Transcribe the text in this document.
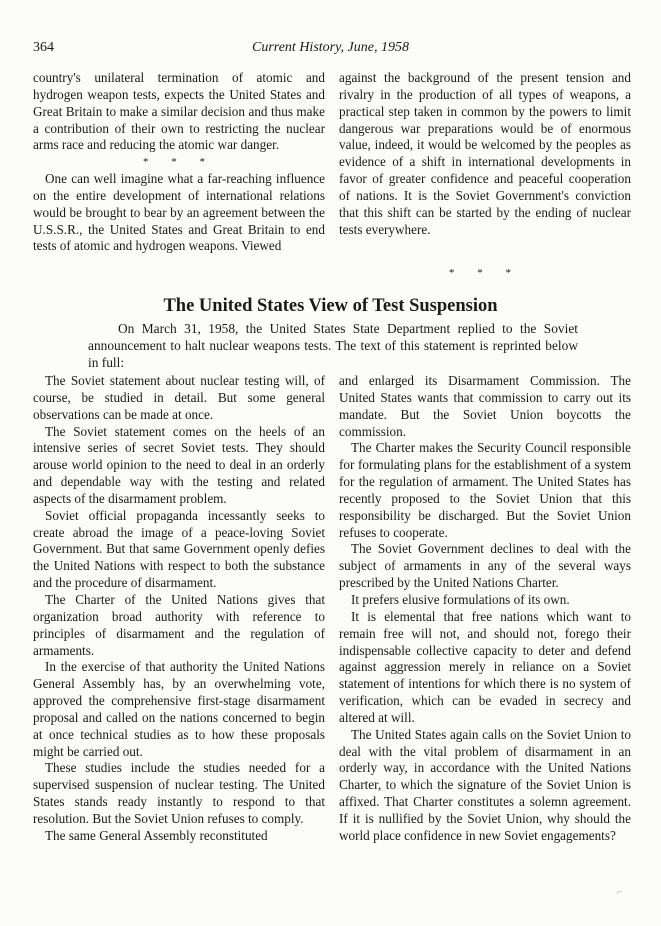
364	Current History, June, 1958

country's unilateral termination of atomic and hydrogen weapon tests, expects the United States and Great Britain to make a similar decision and thus make a contribution of their own to restricting the nuclear arms race and reducing the atomic war danger.

* * *

One can well imagine what a far-reaching influence on the entire development of international relations would be brought to bear by an agreement between the U.S.S.R., the United States and Great Britain to end tests of atomic and hydrogen weapons. Viewed

against the background of the present tension and rivalry in the production of all types of weapons, a practical step taken in common by the powers to limit dangerous war preparations would be of enormous value, indeed, it would be welcomed by the peoples as evidence of a shift in international developments in favor of greater confidence and peaceful cooperation of nations. It is the Soviet Government's conviction that this shift can be started by the ending of nuclear tests everywhere.

* * *
The United States View of Test Suspension

On March 31, 1958, the United States State Department replied to the Soviet announcement to halt nuclear weapons tests. The text of this statement is reprinted below in full:

The Soviet statement about nuclear testing will, of course, be studied in detail. But some general observations can be made at once.

The Soviet statement comes on the heels of an intensive series of secret Soviet tests. They should arouse world opinion to the need to deal in an orderly and dependable way with the testing and related aspects of the disarmament problem.

Soviet official propaganda incessantly seeks to create abroad the image of a peace-loving Soviet Government. But that same Government openly defies the United Nations with respect to both the substance and the procedure of disarmament.

The Charter of the United Nations gives that organization broad authority with reference to principles of disarmament and the regulation of armaments.

In the exercise of that authority the United Nations General Assembly has, by an overwhelming vote, approved the comprehensive first-stage disarmament proposal and called on the nations concerned to begin at once technical studies as to how these proposals might be carried out.

These studies include the studies needed for a supervised suspension of nuclear testing. The United States stands ready instantly to respond to that resolution. But the Soviet Union refuses to comply.

The same General Assembly reconstituted

and enlarged its Disarmament Commission. The United States wants that commission to carry out its mandate. But the Soviet Union boycotts the commission.

The Charter makes the Security Council responsible for formulating plans for the establishment of a system for the regulation of armament. The United States has recently proposed to the Soviet Union that this responsibility be discharged. But the Soviet Union refuses to cooperate.

The Soviet Government declines to deal with the subject of armaments in any of the several ways prescribed by the United Nations Charter.

It prefers elusive formulations of its own.

It is elemental that free nations which want to remain free will not, and should not, forego their indispensable collective capacity to deter and defend against aggression merely in reliance on a Soviet statement of intentions for which there is no system of verification, which can be evaded in secrecy and altered at will.

The United States again calls on the Soviet Union to deal with the vital problem of disarmament in an orderly way, in accordance with the United Nations Charter, to which the signature of the Soviet Union is affixed. That Charter constitutes a solemn agreement. If it is nullified by the Soviet Union, why should the world place confidence in new Soviet engagements?

⌐
